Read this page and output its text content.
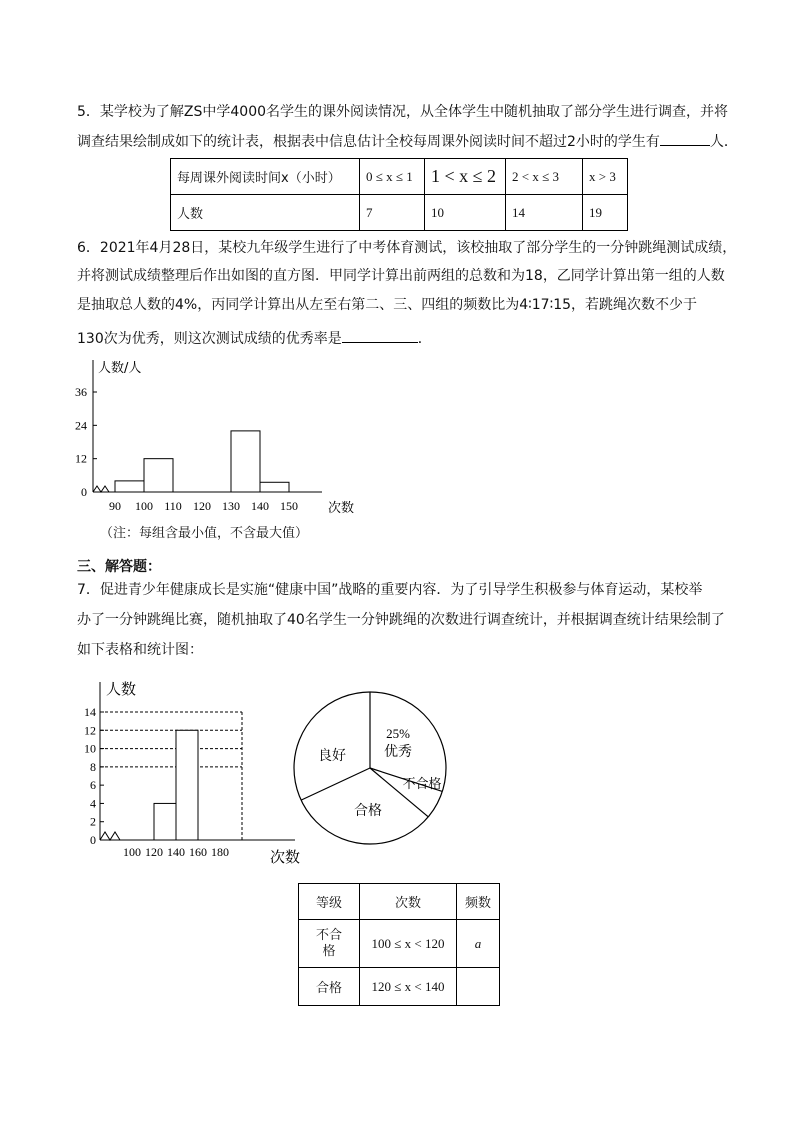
5．某学校为了解ZS中学4000名学生的课外阅读情况，从全体学生中随机抽取了部分学生进行调查，并将
调查结果绘制成如下的统计表，根据表中信息估计全校每周课外阅读时间不超过2小时的学生有	人．
每周课外阅读时间x（小时）	0 ≤ x ≤ 1	1 < x ≤ 2	2 < x ≤ 3	x > 3
人数	7	10	14	19
6．2021年4月28日，某校九年级学生进行了中考体育测试，该校抽取了部分学生的一分钟跳绳测试成绩，
并将测试成绩整理后作出如图的直方图．甲同学计算出前两组的总数和为18，乙同学计算出第一组的人数
是抽取总人数的4%，丙同学计算出从左至右第二、三、四组的频数比为4∶17∶15，若跳绳次数不少于
130次为优秀，则这次测试成绩的优秀率是	．
0
12
24
36
90 100 110 120 130 140 150
人数/人
次数
（注：每组含最小值，不含最大值）
三、解答题：
7．促进青少年健康成长是实施“健康中国”战略的重要内容．为了引导学生积极参与体育运动，某校举
办了一分钟跳绳比赛，随机抽取了40名学生一分钟跳绳的次数进行调查统计，并根据调查统计结果绘制了
如下表格和统计图：
0
2
4
6
8
10
12
14
100 120 140 160 180
人数
次数
25%
优秀
良好
不合格
合格
等级	次数	频数
不合格	100 ≤ x < 120	a
合格	120 ≤ x < 140	
